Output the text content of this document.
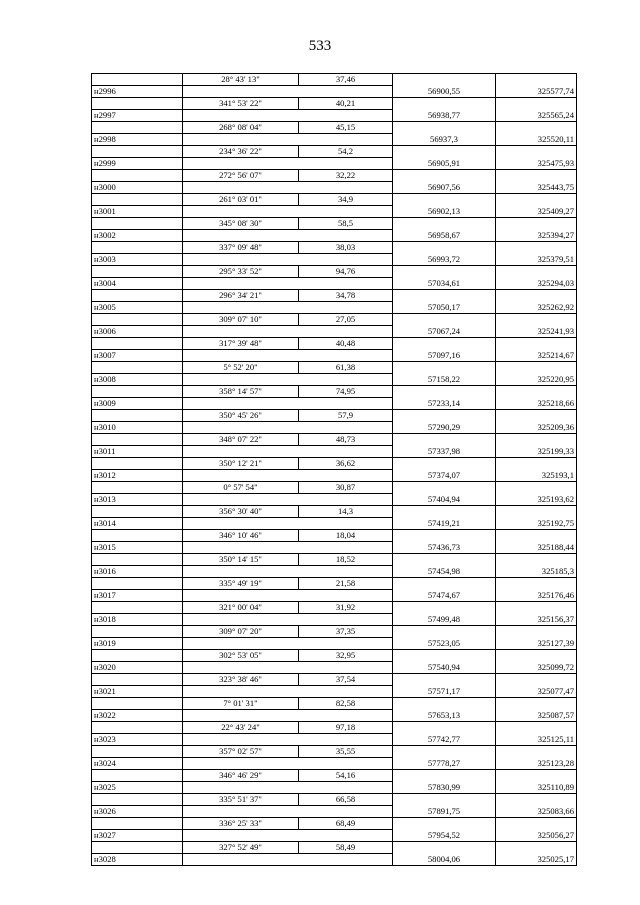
533
	28° 43' 13"	37,46		
н2996			56900,55	325577,74
	341° 53' 22"	40,21		
н2997			56938,77	325565,24
	268° 08' 04"	45,15		
н2998			56937,3	325520,11
	234° 36' 22"	54,2		
н2999			56905,91	325475,93
	272° 56' 07"	32,22		
н3000			56907,56	325443,75
	261° 03' 01"	34,9		
н3001			56902,13	325409,27
	345° 08' 30"	58,5		
н3002			56958,67	325394,27
	337° 09' 48"	38,03		
н3003			56993,72	325379,51
	295° 33' 52"	94,76		
н3004			57034,61	325294,03
	296° 34' 21"	34,78		
н3005			57050,17	325262,92
	309° 07' 10"	27,05		
н3006			57067,24	325241,93
	317° 39' 48"	40,48		
н3007			57097,16	325214,67
	5° 52' 20"	61,38		
н3008			57158,22	325220,95
	358° 14' 57"	74,95		
н3009			57233,14	325218,66
	350° 45' 26"	57,9		
н3010			57290,29	325209,36
	348° 07' 22"	48,73		
н3011			57337,98	325199,33
	350° 12' 21"	36,62		
н3012			57374,07	325193,1
	0° 57' 54"	30,87		
н3013			57404,94	325193,62
	356° 30' 40"	14,3		
н3014			57419,21	325192,75
	346° 10' 46"	18,04		
н3015			57436,73	325188,44
	350° 14' 15"	18,52		
н3016			57454,98	325185,3
	335° 49' 19"	21,58		
н3017			57474,67	325176,46
	321° 00' 04"	31,92		
н3018			57499,48	325156,37
	309° 07' 20"	37,35		
н3019			57523,05	325127,39
	302° 53' 05"	32,95		
н3020			57540,94	325099,72
	323° 38' 46"	37,54		
н3021			57571,17	325077,47
	7° 01' 31"	82,58		
н3022			57653,13	325087,57
	22° 43' 24"	97,18		
н3023			57742,77	325125,11
	357° 02' 57"	35,55		
н3024			57778,27	325123,28
	346° 46' 29"	54,16		
н3025			57830,99	325110,89
	335° 51' 37"	66,58		
н3026			57891,75	325083,66
	336° 25' 33"	68,49		
н3027			57954,52	325056,27
	327° 52' 49"	58,49		
н3028			58004,06	325025,17
